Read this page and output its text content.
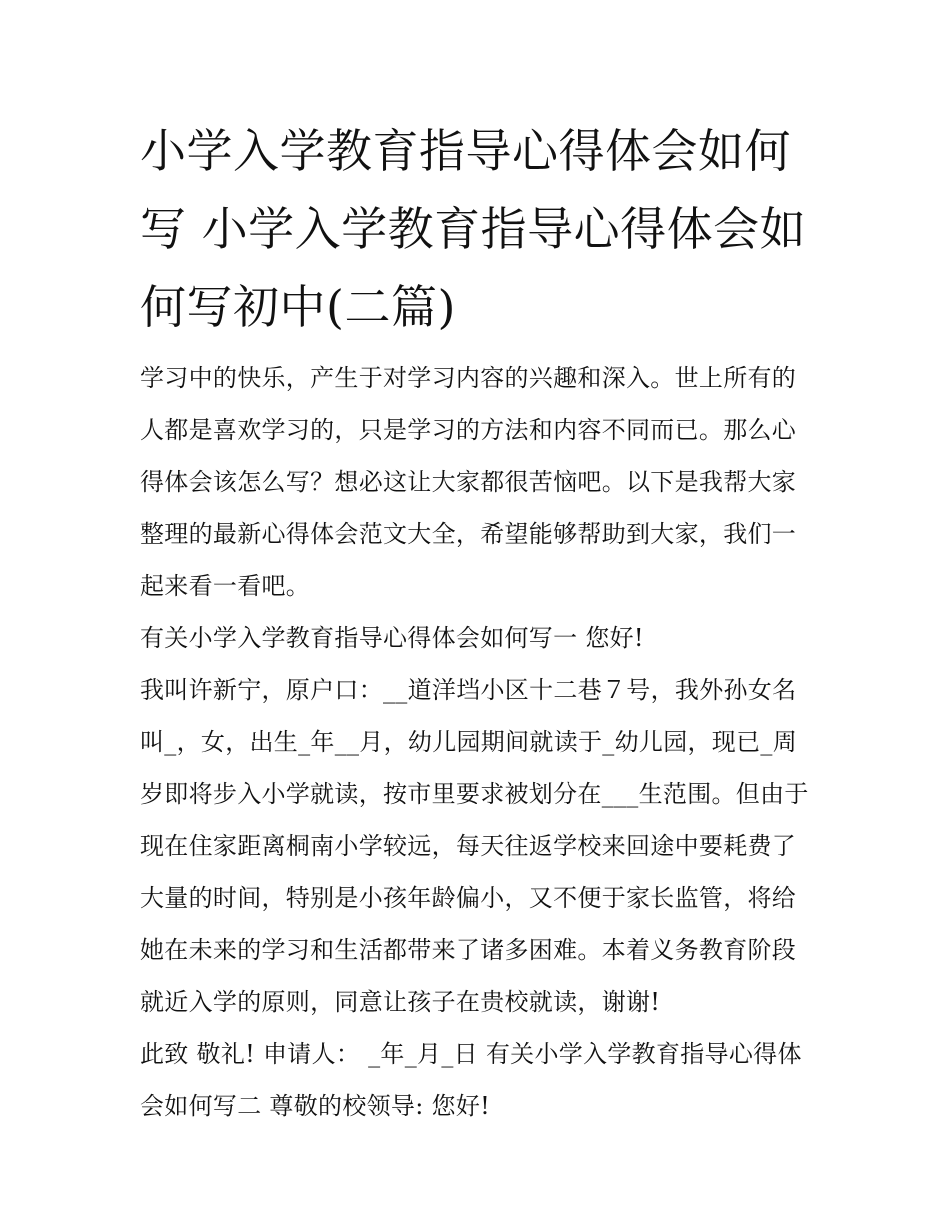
小学入学教育指导心得体会如何写 小学入学教育指导心得体会如何写初中(二篇)

学习中的快乐，产生于对学习内容的兴趣和深入。世上所有的人都是喜欢学习的，只是学习的方法和内容不同而已。那么心得体会该怎么写？想必这让大家都很苦恼吧。以下是我帮大家整理的最新心得体会范文大全，希望能够帮助到大家，我们一起来看一看吧。

有关小学入学教育指导心得体会如何写一 您好!

我叫许新宁，原户口：__道洋垱小区十二巷７号，我外孙女名叫_，女，出生_年__月，幼儿园期间就读于_幼儿园，现已_周岁即将步入小学就读，按市里要求被划分在___生范围。但由于现在住家距离桐南小学较远，每天往返学校来回途中要耗费了大量的时间，特别是小孩年龄偏小，又不便于家长监管，将给她在未来的学习和生活都带来了诸多困难。本着义务教育阶段就近入学的原则，同意让孩子在贵校就读，谢谢!

此致 敬礼! 申请人： _年_月_日 有关小学入学教育指导心得体会如何写二 尊敬的校领导: 您好!
